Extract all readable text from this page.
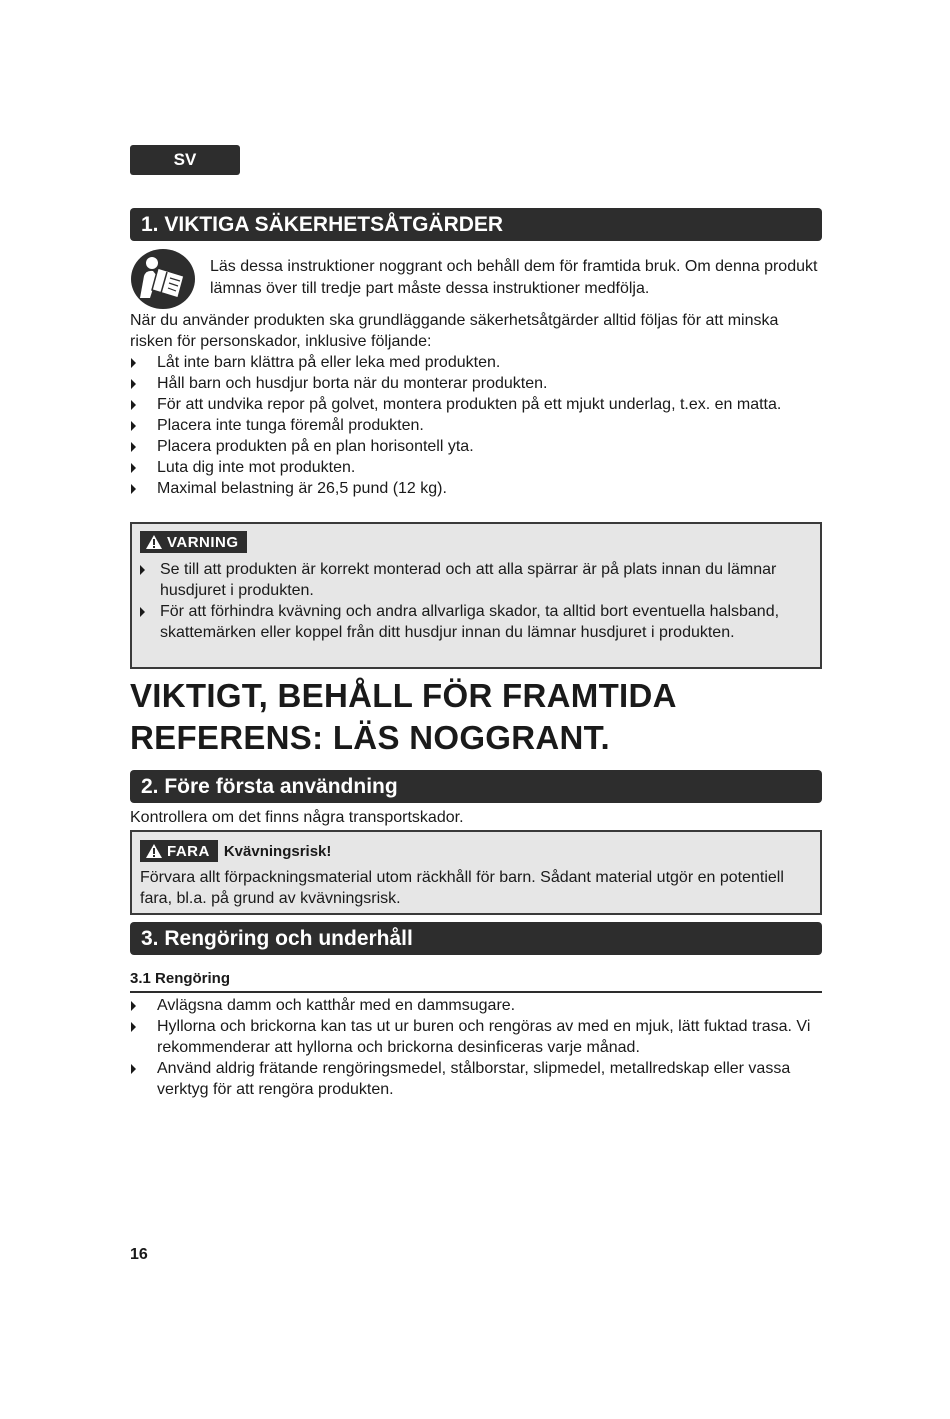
SV
1. VIKTIGA SÄKERHETSÅTGÄRDER
Läs dessa instruktioner noggrant och behåll dem för framtida bruk. Om denna produkt lämnas över till tredje part måste dessa instruktioner medfölja.
När du använder produkten ska grundläggande säkerhetsåtgärder alltid följas för att minska risken för personskador, inklusive följande:
Låt inte barn klättra på eller leka med produkten.
Håll barn och husdjur borta när du monterar produkten.
För att undvika repor på golvet, montera produkten på ett mjukt underlag, t.ex. en matta.
Placera inte tunga föremål produkten.
Placera produkten på en plan horisontell yta.
Luta dig inte mot produkten.
Maximal belastning är 26,5 pund (12 kg).
VARNING
Se till att produkten är korrekt monterad och att alla spärrar är på plats innan du lämnar husdjuret i produkten.
För att förhindra kvävning och andra allvarliga skador, ta alltid bort eventuella halsband, skattemärken eller koppel från ditt husdjur innan du lämnar husdjuret i produkten.
VIKTIGT, BEHÅLL FÖR FRAMTIDA REFERENS: LÄS NOGGRANT.
2. Före första användning
Kontrollera om det finns några transportskador.
FARA Kvävningsrisk!
Förvara allt förpackningsmaterial utom räckhåll för barn. Sådant material utgör en potentiell fara, bl.a. på grund av kvävningsrisk.
3. Rengöring och underhåll
3.1 Rengöring
Avlägsna damm och katthår med en dammsugare.
Hyllorna och brickorna kan tas ut ur buren och rengöras av med en mjuk, lätt fuktad trasa. Vi rekommenderar att hyllorna och brickorna desinficeras varje månad.
Använd aldrig frätande rengöringsmedel, stålborstar, slipmedel, metallredskap eller vassa verktyg för att rengöra produkten.
16
